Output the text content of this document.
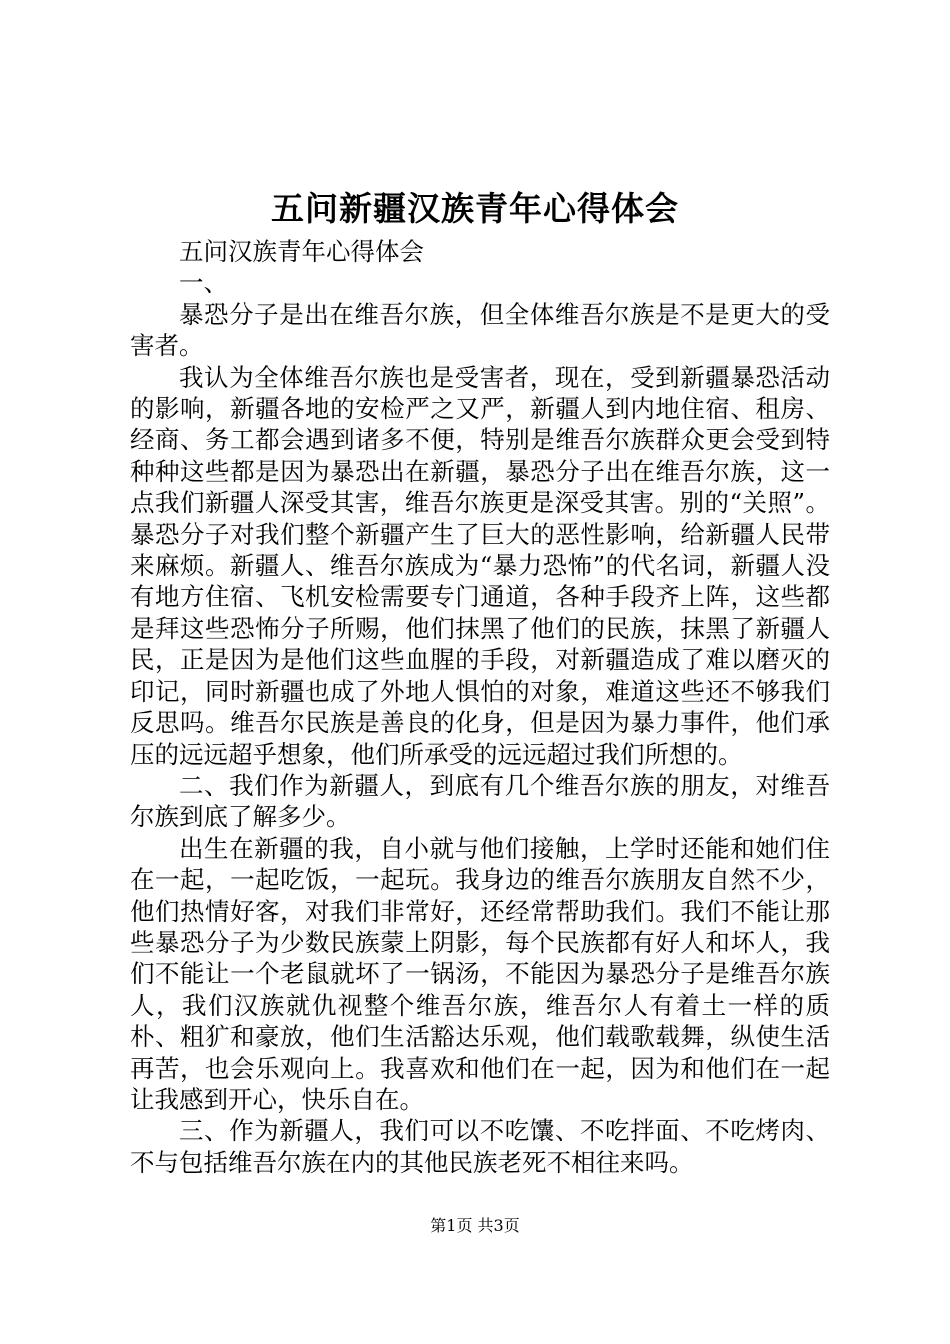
五问新疆汉族青年心得体会

五问汉族青年心得体会

一、

暴恐分子是出在维吾尔族，但全体维吾尔族是不是更大的受害者。

我认为全体维吾尔族也是受害者，现在，受到新疆暴恐活动的影响，新疆各地的安检严之又严，新疆人到内地住宿、租房、经商、务工都会遇到诸多不便，特别是维吾尔族群众更会受到特种种这些都是因为暴恐出在新疆，暴恐分子出在维吾尔族，这一点我们新疆人深受其害，维吾尔族更是深受其害。别的“关照”。暴恐分子对我们整个新疆产生了巨大的恶性影响，给新疆人民带来麻烦。新疆人、维吾尔族成为“暴力恐怖”的代名词，新疆人没有地方住宿、飞机安检需要专门通道，各种手段齐上阵，这些都是拜这些恐怖分子所赐，他们抹黑了他们的民族，抹黑了新疆人民，正是因为是他们这些血腥的手段，对新疆造成了难以磨灭的印记，同时新疆也成了外地人惧怕的对象，难道这些还不够我们反思吗。维吾尔民族是善良的化身，但是因为暴力事件，他们承压的远远超乎想象，他们所承受的远远超过我们所想的。

二、我们作为新疆人，到底有几个维吾尔族的朋友，对维吾尔族到底了解多少。

出生在新疆的我，自小就与他们接触，上学时还能和她们住在一起，一起吃饭，一起玩。我身边的维吾尔族朋友自然不少，他们热情好客，对我们非常好，还经常帮助我们。我们不能让那些暴恐分子为少数民族蒙上阴影，每个民族都有好人和坏人，我们不能让一个老鼠就坏了一锅汤，不能因为暴恐分子是维吾尔族人，我们汉族就仇视整个维吾尔族，维吾尔人有着土一样的质朴、粗犷和豪放，他们生活豁达乐观，他们载歌载舞，纵使生活再苦，也会乐观向上。我喜欢和他们在一起，因为和他们在一起让我感到开心，快乐自在。

三、作为新疆人，我们可以不吃馕、不吃拌面、不吃烤肉、不与包括维吾尔族在内的其他民族老死不相往来吗。

第1页 共3页
